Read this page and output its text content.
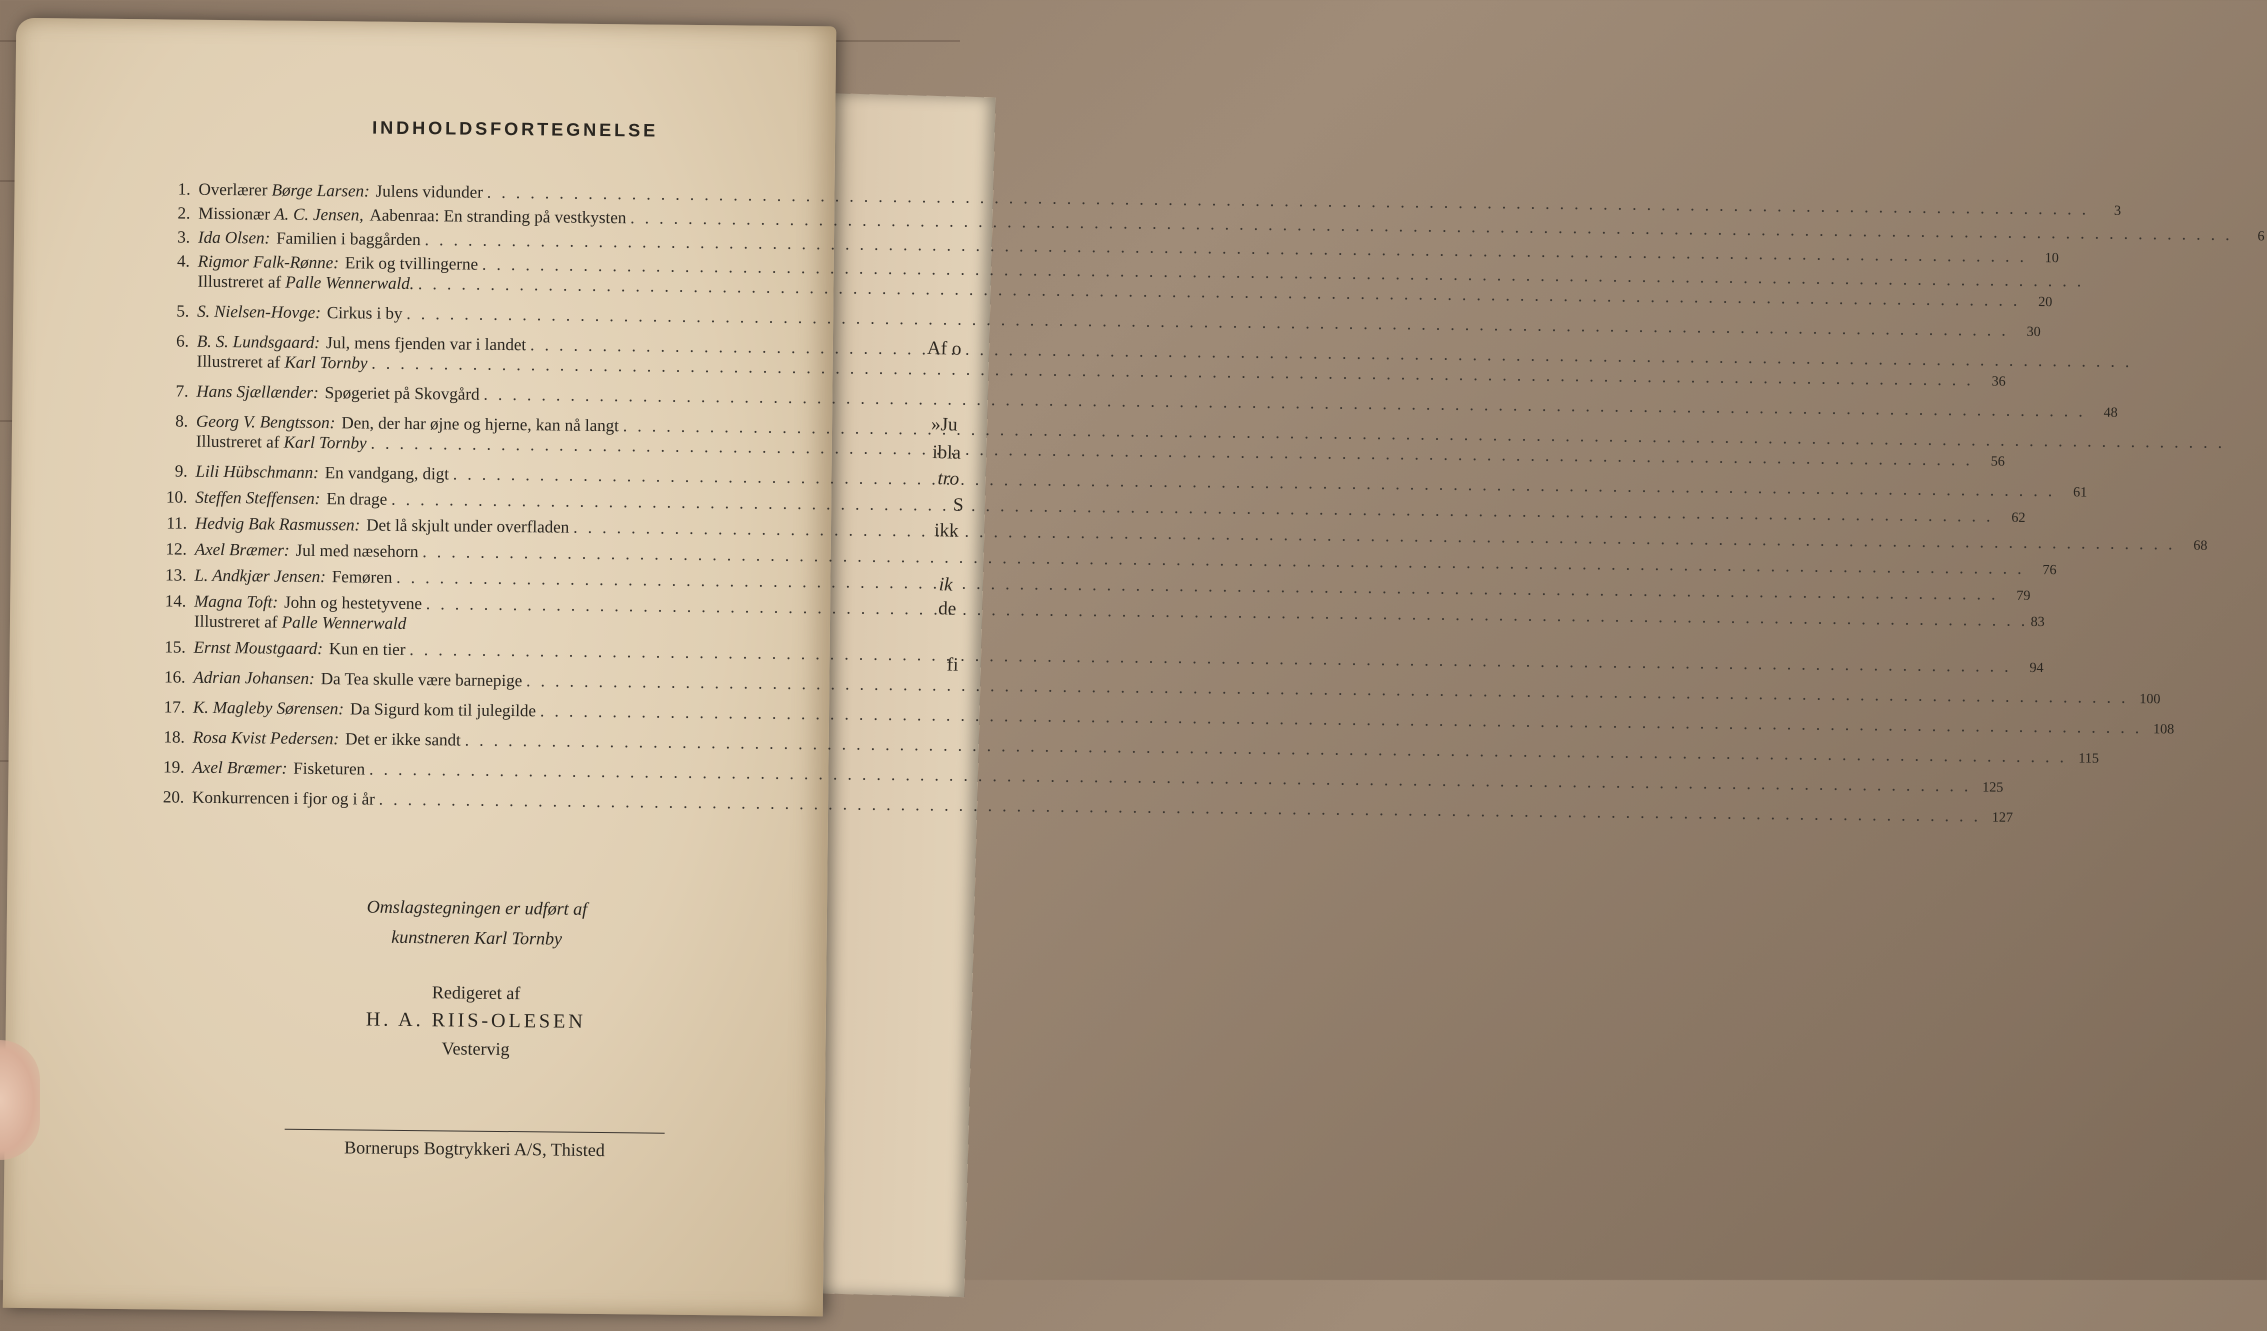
Af o
»Ju
ibla
tro
S
ikk
ik
de
fi
INDHOLDSFORTEGNELSE
1. Overlærer
Børge Larsen: Julens vidunder
. . .
3
2. Missionær
A. C. Jensen, Aabenraa: En stranding på vestkysten
. . .
6
3. Ida Olsen: Familien i baggården
. . .
10
4. Rigmor Falk-Rønne: Erik og tvillingerne
. . .
Illustreret af Palle Wennerwald.
. . .
20
5. S. Nielsen-Hovge: Cirkus i by
. . .
30
6. B. S. Lundsgaard: Jul, mens fjenden var i landet
. . .
Illustreret af Karl Tornby
. . .
36
7. Hans Sjællænder: Spøgeriet på Skovgård
. . .
48
8. Georg V. Bengtsson: Den, der har øjne og hjerne, kan nå langt
. . .
Illustreret af Karl Tornby
. . .
56
9. Lili Hübschmann: En vandgang, digt
. . .
61
10. Steffen Steffensen: En drage
. . .
62
11. Hedvig Bak Rasmussen: Det lå skjult under overfladen
. . .
68
12. Axel Bræmer: Jul med næsehorn
. . .
76
13. L. Andkjær Jensen: Femøren
. . .
79
14. Magna Toft: John og hestetyvene
. . .
Illustreret af Palle Wennerwald	83
15. Ernst Moustgaard: Kun en tier
. . .
94
16. Adrian Johansen: Da Tea skulle være barnepige
. . .
100
17. K. Magleby Sørensen: Da Sigurd kom til julegilde
. . .
108
18. Rosa Kvist Pedersen: Det er ikke sandt
. . .
115
19. Axel Bræmer: Fisketuren
. . .
125
20. Konkurrencen i fjor og i år
. . .
127
Omslagstegningen er udført af
kunstneren Karl Tornby
Redigeret af
H. A. RIIS-OLESEN
Vestervig
Bornerups Bogtrykkeri A/S, Thisted
